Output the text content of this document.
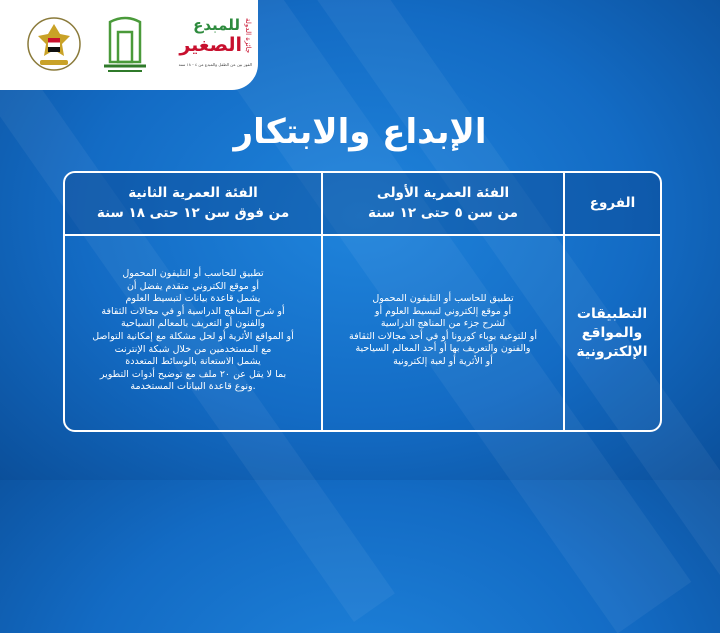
جائزة الدولة
للمبدع
الصغير
الفوز بين عن الطفل والمبدع من ٤ - ١٨ سنة
الإبداع والابتكار
الفئة العمرية الثانية
من فوق سن ١٢ حتى ١٨ سنة
الفئة العمرية الأولى
من سن ٥ حتى ١٢ سنة
الفروع
تطبيق للحاسب أو التليفون المحمول
أو موقع الكتروني متقدم يفضل أن
يشمل قاعدة بيانات لتبسيط العلوم
أو شرح المناهج الدراسية أو في مجالات الثقافة
والفنون أو التعريف بالمعالم السياحية
أو المواقع الأثرية أو لحل مشكلة مع إمكانية التواصل
مع المستخدمين من خلال شبكة الإنترنت
يشمل الاستعانة بالوسائط المتعددة
بما لا يقل عن ٢٠ ملف مع توضيح أدوات التطوير
.ونوع قاعدة البيانات المستخدمة
تطبيق للحاسب أو التليفون المحمول
أو موقع إلكتروني لتبسيط العلوم أو
لشرح جزء من المناهج الدراسية
أو للتوعية بوباء كورونا أو في أحد مجالات الثقافة
والفنون والتعريف بها أو أحد المعالم السياحية
أو الأثرية أو لعبة إلكترونية
التطبيقات والمواقع الإلكترونية
